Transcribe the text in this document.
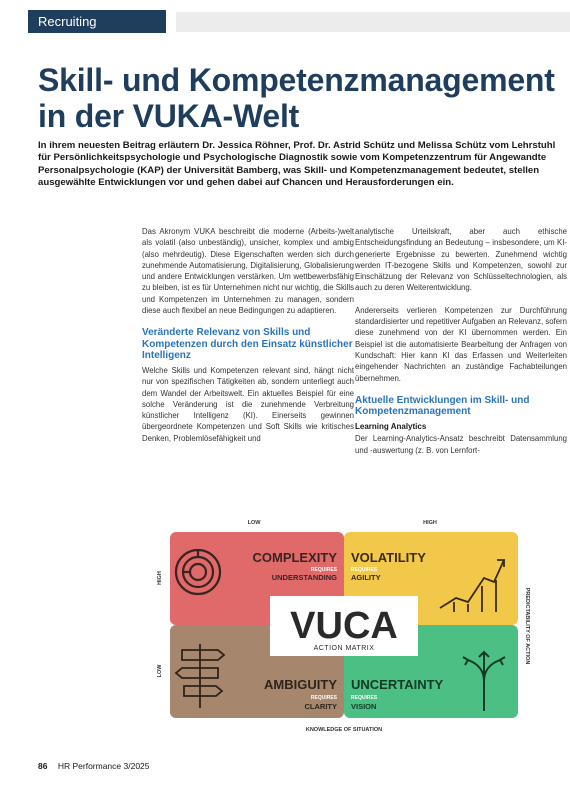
Recruiting
Skill- und Kompetenzmanagement
in der VUKA-Welt

In ihrem neuesten Beitrag erläutern Dr. Jessica Röhner, Prof. Dr. Astrid Schütz und Melissa Schütz vom Lehrstuhl für Persönlichkeitspsychologie und Psychologische Diagnostik sowie vom Kompetenzzentrum für Angewandte Personalpsychologie (KAP) der Universität Bamberg, was Skill- und Kompetenzmanagement bedeutet, stellen ausgewählte Entwicklungen vor und gehen dabei auf Chancen und Herausforderungen ein.

Das Akronym VUKA beschreibt die moderne (Arbeits-)welt als volatil (also unbeständig), unsicher, komplex und ambig (also mehrdeutig). Diese Eigenschaften werden sich durch zunehmende Automatisierung, Digitalisierung, Globalisierung und andere Entwicklungen verstärken. Um wettbewerbsfähig zu bleiben, ist es für Unternehmen nicht nur wichtig, die Skills und Kompetenzen im Unternehmen zu managen, sondern diese auch flexibel an neue Bedingungen zu adaptieren.

Veränderte Relevanz von Skills und Kompetenzen durch den Einsatz künstlicher Intelligenz

Welche Skills und Kompetenzen relevant sind, hängt nicht nur von spezifischen Tätigkeiten ab, sondern unterliegt auch dem Wandel der Arbeitswelt. Ein aktuelles Beispiel für eine solche Veränderung ist die zunehmende Verbreitung künstlicher Intelligenz (KI). Einerseits gewinnen übergeordnete Kompetenzen und Soft Skills wie kritisches Denken, Problemlösefähigkeit und

analytische Urteilskraft, aber auch ethische Entscheidungsfindung an Bedeutung – insbesondere, um KI-generierte Ergebnisse zu bewerten. Zunehmend wichtig werden IT-bezogene Skills und Kompetenzen, sowohl zur Einschätzung der Relevanz von Schlüsseltechnologien, als auch zu deren Weiterentwicklung.

Andererseits verlieren Kompetenzen zur Durchführung standardisierter und repetitiver Aufgaben an Relevanz, sofern diese zunehmend von der KI übernommen werden. Ein Beispiel ist die automatisierte Bearbeitung der Anfragen von Kundschaft: Hier kann KI das Erfassen und Weiterleiten eingehender Nachrichten an zuständige Fachabteilungen übernehmen.

Aktuelle Entwicklungen im Skill- und Kompetenzmanagement
Learning Analytics

Der Learning-Analytics-Ansatz beschreibt Datensammlung und -auswertung (z. B. von Lernfort-

LOW	HIGH
HIGH
LOW
PREDICTABILITY OF ACTION
KNOWLEDGE OF SITUATION
COMPLEXITY
REQUIRES
UNDERSTANDING
VOLATILITY
REQUIRES
AGILITY
AMBIGUITY
REQUIRES
CLARITY
UNCERTAINTY
REQUIRES
VISION
VUCA
ACTION MATRIX
86 HR Performance 3/2025
